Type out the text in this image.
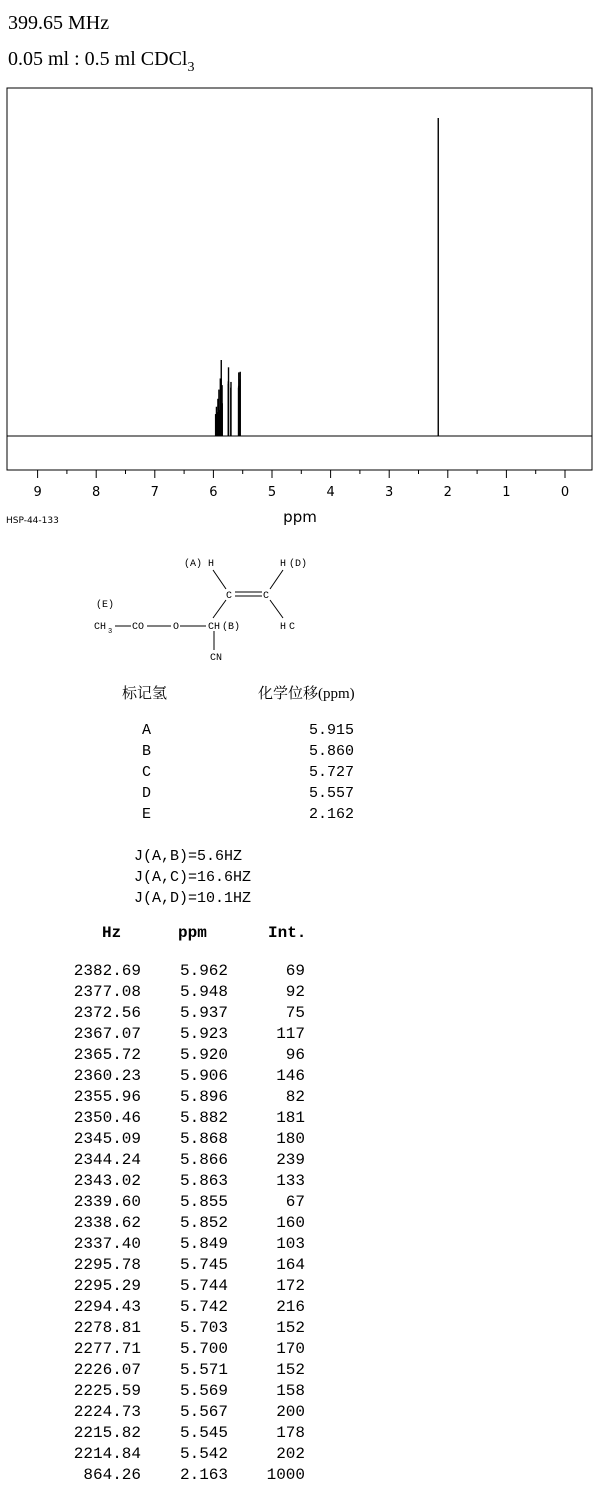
399.65 MHz
0.05 ml : 0.5 ml CDCl$_3$
9	8	7	6	5	4	3	2	1	0
ppm
HSP-44-133
(A) H	H (D)
C	C
(E)
CH 3 CO	O	CH (B)	H C
CN
标记氢	化学位移(ppm)
A	5.915
B	5.860
C	5.727
D	5.557
E	2.162
J(A,B)=5.6HZ
J(A,C)=16.6HZ
J(A,D)=10.1HZ
Hz	ppm	Int.
2382.69	5.962	69
2377.08	5.948	92
2372.56	5.937	75
2367.07	5.923	117
2365.72	5.920	96
2360.23	5.906	146
2355.96	5.896	82
2350.46	5.882	181
2345.09	5.868	180
2344.24	5.866	239
2343.02	5.863	133
2339.60	5.855	67
2338.62	5.852	160
2337.40	5.849	103
2295.78	5.745	164
2295.29	5.744	172
2294.43	5.742	216
2278.81	5.703	152
2277.71	5.700	170
2226.07	5.571	152
2225.59	5.569	158
2224.73	5.567	200
2215.82	5.545	178
2214.84	5.542	202
864.26	2.163	1000
